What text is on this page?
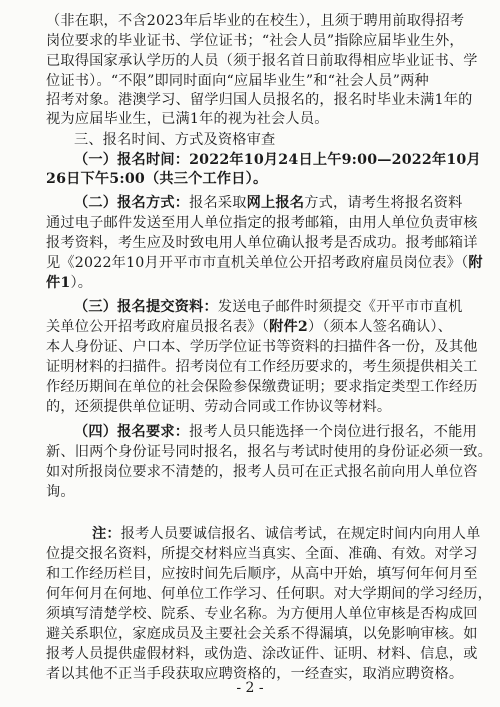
（非在职，不含2023年后毕业的在校生），且须于聘用前取得招考
岗位要求的毕业证书、学位证书；“社会人员”指除应届毕业生外，
已取得国家承认学历的人员（须于报名首日前取得相应毕业证书、学
位证书）。“不限”即同时面向“应届毕业生”和“社会人员”两种
招考对象。港澳学习、留学归国人员报名的，报名时毕业未满1年的
视为应届毕业生，已满1年的视为社会人员。
三、报名时间、方式及资格审查
（一）报名时间：2022年10月24日上午9:00—2022年10月
26日下午5:00（共三个工作日）。
（二）报名方式：报名采取网上报名方式，请考生将报名资料
通过电子邮件发送至用人单位指定的报考邮箱，由用人单位负责审核
报考资料，考生应及时致电用人单位确认报考是否成功。报考邮箱详
见《2022年10月开平市市直机关单位公开招考政府雇员岗位表》（附
件1）。
（三）报名提交资料：发送电子邮件时须提交《开平市市直机
关单位公开招考政府雇员报名表》（附件2）（须本人签名确认）、
本人身份证、户口本、学历学位证书等资料的扫描件各一份，及其他
证明材料的扫描件。招考岗位有工作经历要求的，考生须提供相关工
作经历期间在单位的社会保险参保缴费证明；要求指定类型工作经历
的，还须提供单位证明、劳动合同或工作协议等材料。
（四）报名要求：报考人员只能选择一个岗位进行报名，不能用
新、旧两个身份证号同时报名，报名与考试时使用的身份证必须一致。
如对所报岗位要求不清楚的，报考人员可在正式报名前向用人单位咨
询。
注：报考人员要诚信报名、诚信考试，在规定时间内向用人单
位提交报名资料，所提交材料应当真实、全面、准确、有效。对学习
和工作经历栏目，应按时间先后顺序，从高中开始，填写何年何月至
何年何月在何地、何单位工作学习、任何职。对大学期间的学习经历，
须填写清楚学校、院系、专业名称。为方便用人单位审核是否构成回
避关系职位，家庭成员及主要社会关系不得漏填，以免影响审核。如
报考人员提供虚假材料，或伪造、涂改证件、证明、材料、信息，或
者以其他不正当手段获取应聘资格的，一经查实，取消应聘资格。
- 2 -
